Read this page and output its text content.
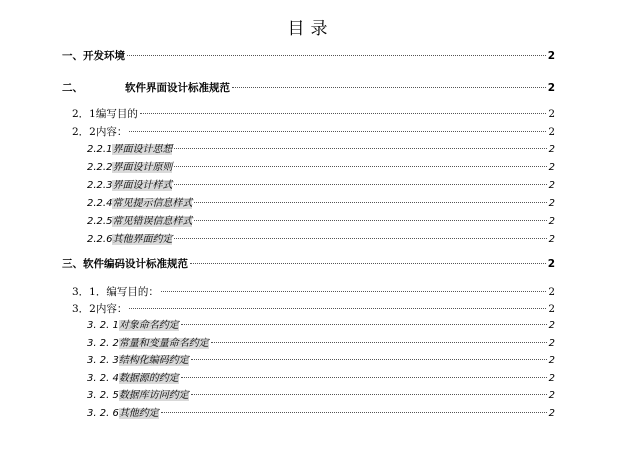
目录
一、开发环境	2
二、	软件界面设计标准规范	2
2．1编写目的	2
2．2内容：	2
2.2.1界面设计思想	2
2.2.2界面设计原则	2
2.2.3界面设计样式	2
2.2.4常见提示信息样式	2
2.2.5常见错误信息样式	2
2.2.6其他界面约定	2
三、软件编码设计标准规范	2
3．1．编写目的：	2
3．2内容：	2
3. 2. 1对象命名约定	2
3. 2. 2常量和变量命名约定	2
3. 2. 3结构化编码约定	2
3. 2. 4数据源的约定	2
3. 2. 5数据库访问约定	2
3. 2. 6其他约定	2
